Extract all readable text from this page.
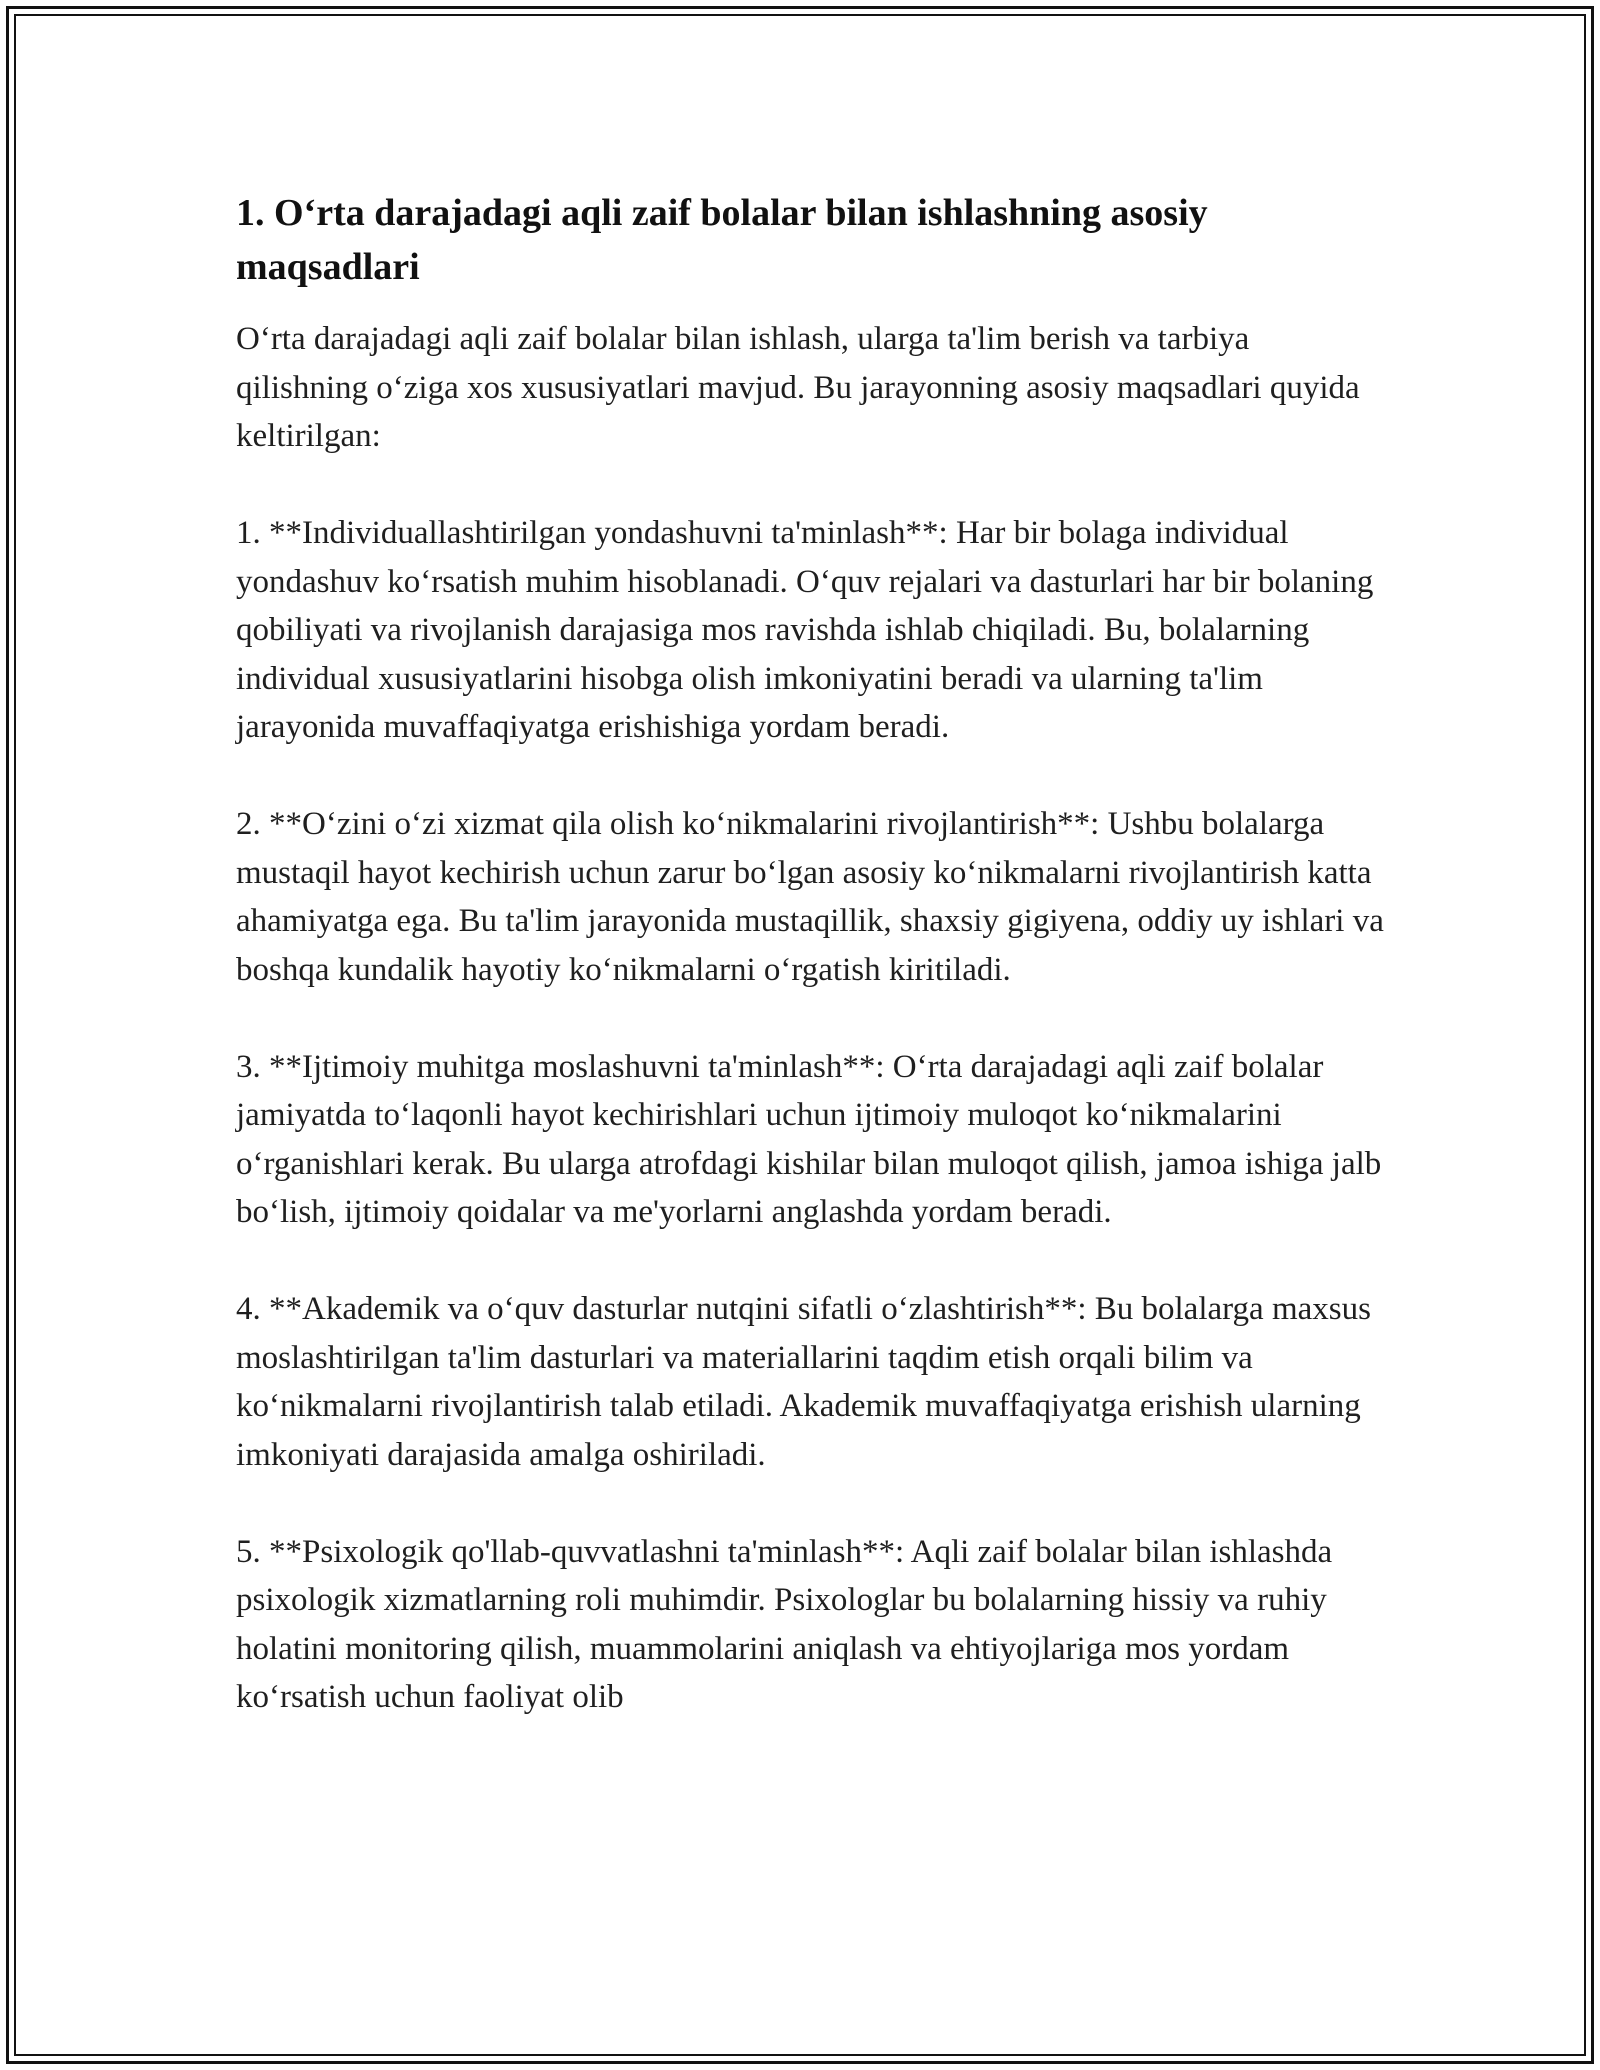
1. O‘rta darajadagi aqli zaif bolalar bilan ishlashning asosiy maqsadlari

O‘rta darajadagi aqli zaif bolalar bilan ishlash, ularga ta'lim berish va tarbiya qilishning o‘ziga xos xususiyatlari mavjud. Bu jarayonning asosiy maqsadlari quyida keltirilgan:

1. **Individuallashtirilgan yondashuvni ta'minlash**: Har bir bolaga individual yondashuv ko‘rsatish muhim hisoblanadi. O‘quv rejalari va dasturlari har bir bolaning qobiliyati va rivojlanish darajasiga mos ravishda ishlab chiqiladi. Bu, bolalarning individual xususiyatlarini hisobga olish imkoniyatini beradi va ularning ta'lim jarayonida muvaffaqiyatga erishishiga yordam beradi.

2. **O‘zini o‘zi xizmat qila olish ko‘nikmalarini rivojlantirish**: Ushbu bolalarga mustaqil hayot kechirish uchun zarur bo‘lgan asosiy ko‘nikmalarni rivojlantirish katta ahamiyatga ega. Bu ta'lim jarayonida mustaqillik, shaxsiy gigiyena, oddiy uy ishlari va boshqa kundalik hayotiy ko‘nikmalarni o‘rgatish kiritiladi.

3. **Ijtimoiy muhitga moslashuvni ta'minlash**: O‘rta darajadagi aqli zaif bolalar jamiyatda to‘laqonli hayot kechirishlari uchun ijtimoiy muloqot ko‘nikmalarini o‘rganishlari kerak. Bu ularga atrofdagi kishilar bilan muloqot qilish, jamoa ishiga jalb bo‘lish, ijtimoiy qoidalar va me'yorlarni anglashda yordam beradi.

4. **Akademik va o‘quv dasturlar nutqini sifatli o‘zlashtirish**: Bu bolalarga maxsus moslashtirilgan ta'lim dasturlari va materiallarini taqdim etish orqali bilim va ko‘nikmalarni rivojlantirish talab etiladi. Akademik muvaffaqiyatga erishish ularning imkoniyati darajasida amalga oshiriladi.

5. **Psixologik qo'llab-quvvatlashni ta'minlash**: Aqli zaif bolalar bilan ishlashda psixologik xizmatlarning roli muhimdir. Psixologlar bu bolalarning hissiy va ruhiy holatini monitoring qilish, muammolarini aniqlash va ehtiyojlariga mos yordam ko‘rsatish uchun faoliyat olib
